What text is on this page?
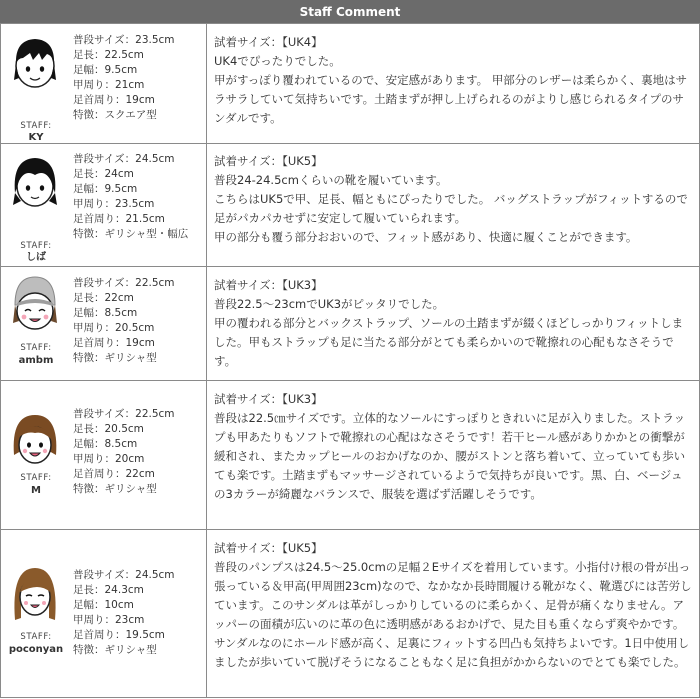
Staff Comment
STAFF:
KY
普段サイズ：23.5cm
足長：22.5cm
足幅：9.5cm
甲周り：21cm
足首周り：19cm
特徴：スクエア型

試着サイズ：【UK4】

UK4でぴったりでした。
甲がすっぽり覆われているので、安定感があります。 甲部分のレザーは柔らかく、裏地はサラサラしていて気持ちいです。土踏まずが押し上げられるのがよりし感じられるタイプのサンダルです。

STAFF:
しば
普段サイズ：24.5cm
足長：24cm
足幅：9.5cm
甲周り：23.5cm
足首周り：21.5cm
特徴：ギリシャ型・幅広

試着サイズ：【UK5】

普段24-24.5cmくらいの靴を履いています。
こちらはUK5で甲、足長、幅ともにぴったりでした。 バッグストラップがフィットするので足がパカパカせずに安定して履いていられます。
甲の部分も覆う部分おおいので、フィット感があり、快適に履くことができます。

STAFF:
ambm
普段サイズ：22.5cm
足長：22cm
足幅：8.5cm
甲周り：20.5cm
足首周り：19cm
特徴：ギリシャ型

試着サイズ：【UK3】

普段22.5～23cmでUK3がピッタリでした。
甲の覆われる部分とバックストラップ、ソールの土踏まずが綴くほどしっかりフィットしました。甲もストラップも足に当たる部分がとても柔らかいので靴擦れの心配もなさそうです。

STAFF:
M
普段サイズ：22.5cm
足長：20.5cm
足幅：8.5cm
甲周り：20cm
足首周り：22cm
特徴：ギリシャ型

試着サイズ：【UK3】

普段は22.5㎝サイズです。立体的なソールにすっぽりときれいに足が入りました。ストラップも甲あたりもソフトで靴擦れの心配はなさそうです！若干ヒール感がありかかとの衝撃が緩和され、またカップヒールのおかげなのか、腰がストンと落ち着いて、立っていても歩いても楽です。土踏まずもマッサージされているようで気持ちが良いです。黒、白、ベージュの3カラーが綺麗なバランスで、服装を選ばず活躍しそうです。

STAFF:
poconyan
普段サイズ：24.5cm
足長：24.3cm
足幅：10cm
甲周り：23cm
足首周り：19.5cm
特徴：ギリシャ型

試着サイズ：【UK5】

普段のパンプスは24.5～25.0cmの足幅２Eサイズを着用しています。小指付け根の骨が出っ張っている＆甲高(甲周囲23cm)なので、なかなか長時間履ける靴がなく、靴選びには苦労しています。このサンダルは革がしっかりしているのに柔らかく、足骨が痛くなりません。アッパーの面積が広いのに革の色に透明感があるおかげで、見た目も重くならず爽やかです。サンダルなのにホールド感が高く、足裏にフィットする凹凸も気持ちよいです。1日中使用しましたが歩いていて脱げそうになることもなく足に負担がかからないのでとても楽でした。
